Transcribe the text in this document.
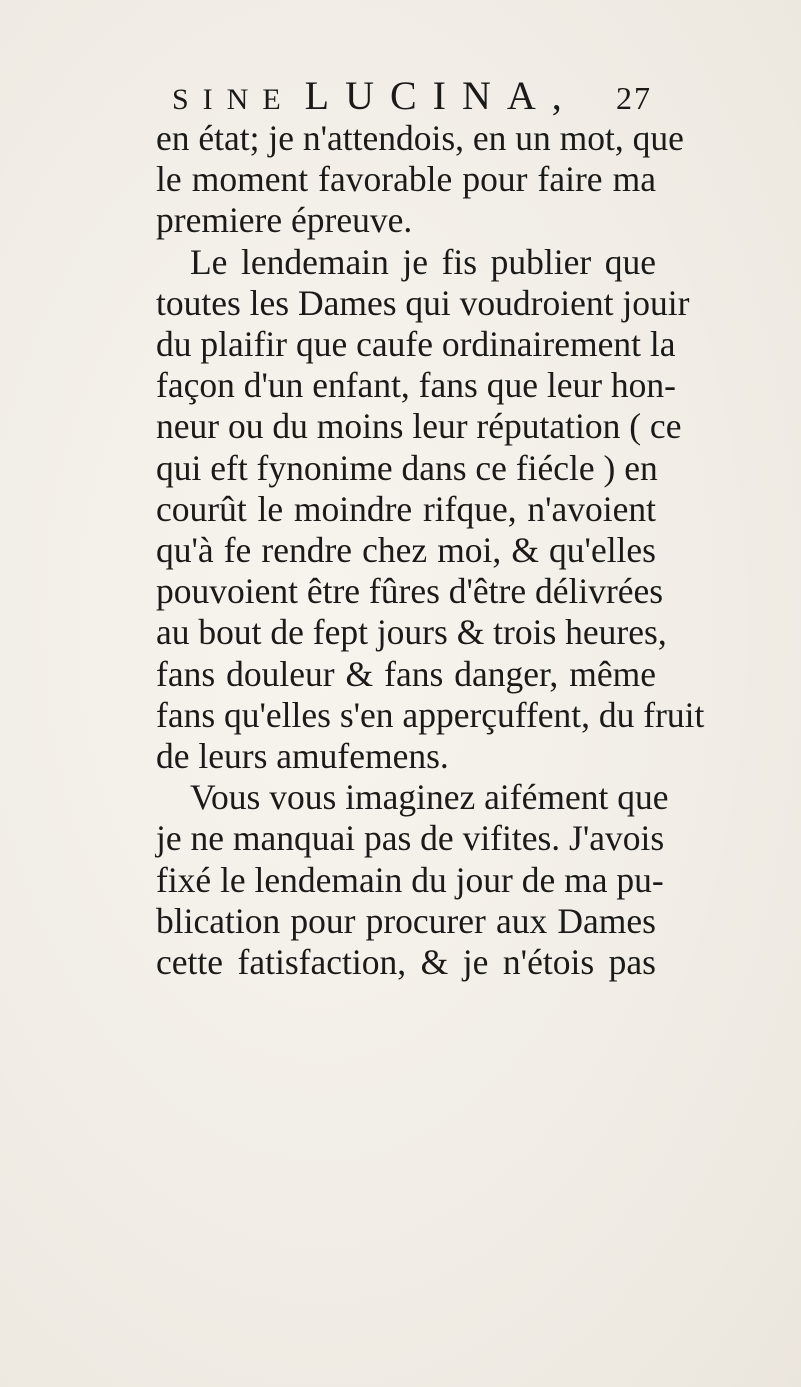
SINE LUCINA, 27
en état; je n'attendois, en un mot, que
le moment favorable pour faire ma
premiere épreuve.
Le lendemain je fis publier que
toutes les Dames qui voudroient jouir
du plaifir que caufe ordinairement la
façon d'un enfant, fans que leur hon-
neur ou du moins leur réputation ( ce
qui eft fynonime dans ce fiécle ) en
courût le moindre rifque, n'avoient
qu'à fe rendre chez moi, & qu'elles
pouvoient être fûres d'être délivrées
au bout de fept jours & trois heures,
fans douleur & fans danger, même
fans qu'elles s'en apperçuffent, du fruit
de leurs amufemens.
Vous vous imaginez aifément que
je ne manquai pas de vifites. J'avois
fixé le lendemain du jour de ma pu-
blication pour procurer aux Dames
cette fatisfaction, & je n'étois pas
